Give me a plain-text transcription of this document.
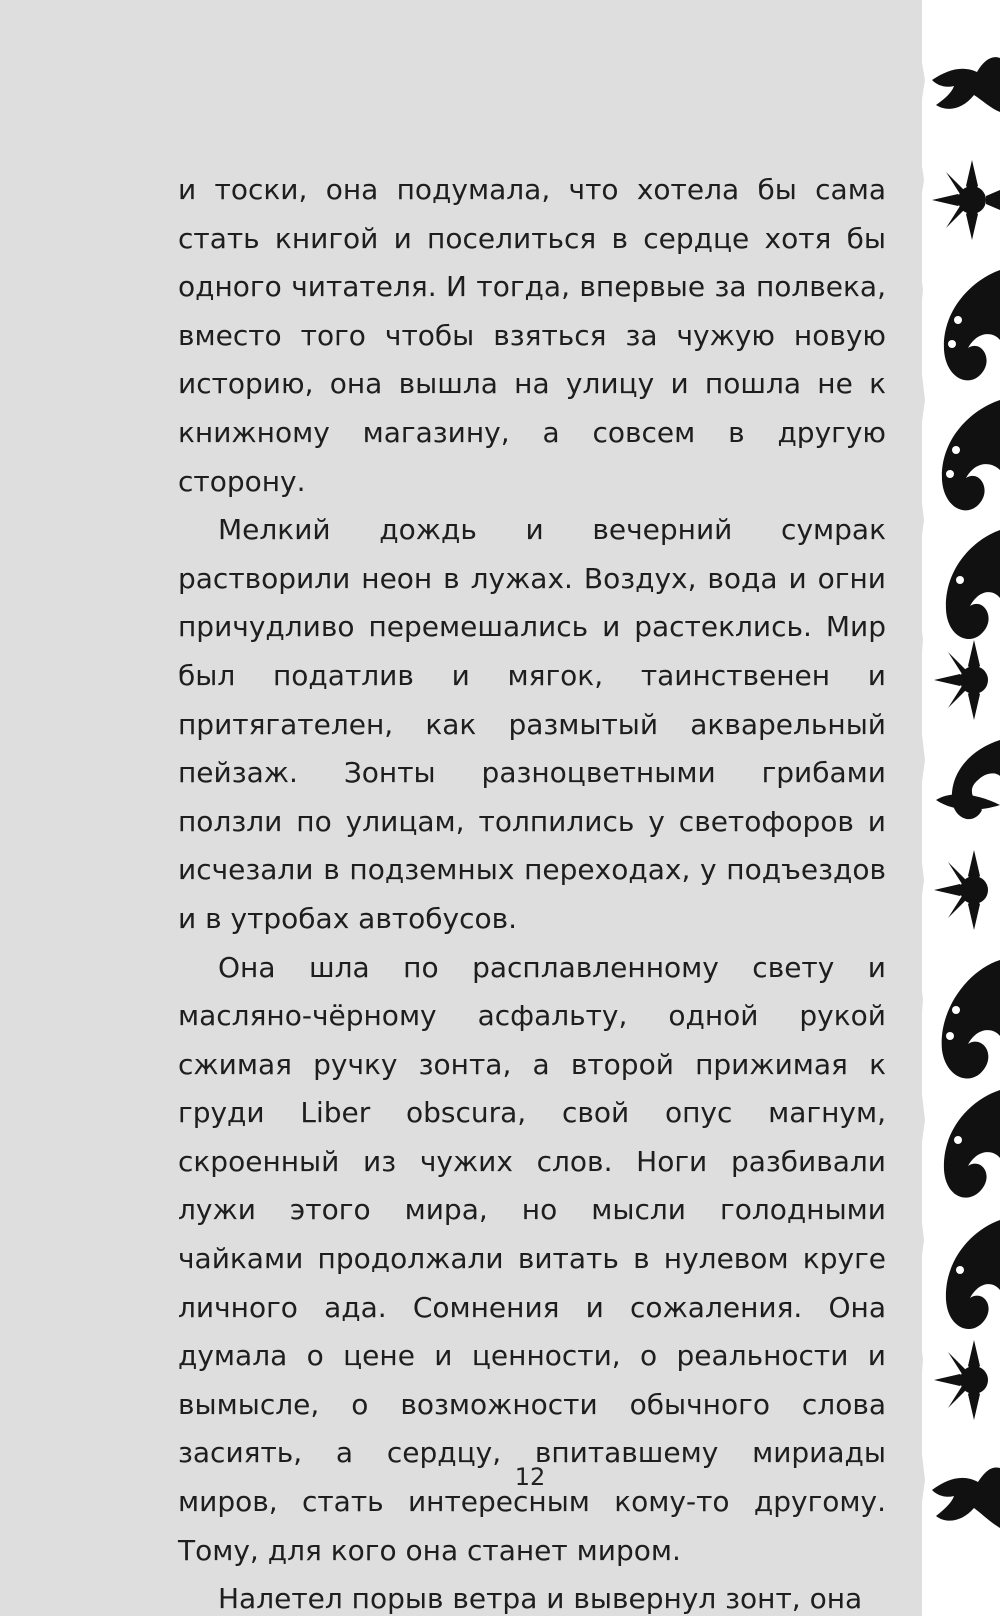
и тоски, она подумала, что хотела бы сама стать книгой и поселиться в сердце хотя бы одного читателя. И тогда, впервые за полвека, вместо того чтобы взяться за чужую новую историю, она вышла на улицу и пошла не к книжному магазину, а совсем в другую сторону.

Мелкий дождь и вечерний сумрак растворили неон в лужах. Воздух, вода и огни причудливо перемешались и растеклись. Мир был податлив и мягок, таинственен и притягателен, как размытый акварельный пейзаж. Зонты разноцветными грибами ползли по улицам, толпились у светофоров и исчезали в подземных переходах, у подъездов и в утробах автобусов.

Она шла по расплавленному свету и масляно-чёрному асфальту, одной рукой сжимая ручку зонта, а второй прижимая к груди Liber obscura, свой опус магнум, скроенный из чужих слов. Ноги разбивали лужи этого мира, но мысли голодными чайками продолжали витать в нулевом круге личного ада. Сомнения и сожаления. Она думала о цене и ценности, о реальности и вымысле, о возможности обычного слова засиять, а сердцу, впитавшему мириады миров, стать интересным кому-то другому. Тому, для кого она станет миром.

Налетел порыв ветра и вывернул зонт, она

12
